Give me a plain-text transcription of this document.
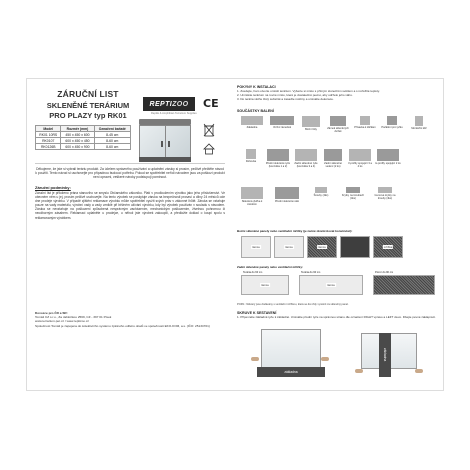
ZÁRUČNÍ LIST
SKLENĚNÉ TERÁRIUM
PRO PLAZY typ RK01
REPTI ZOO
Reptile & Amphibian Terrarium Supplies
CE
Model	Rozměr (mm)	Označení baňaté
RK01 10RS	450 x 450 x 600	8-45 cm
RK0107	600 x 450 x 450	8-60 cm
RK0126B	600 x 450 x 900	8-60 cm
Děkujeme, že jste si vybrali teráriu produkt. Za účelem správného používání a uplatnění záruky si prosím, pečlivě přečtěte návod k použití. Tento návod si uschovejte pro případnou budoucí potřebu. Pokud se spotřebitel neřídí návodem jsou za poškozí produkt není opravni, veškeré nároky podstupují pominout.
Záruční podmínky:
Záruční list je přiloženo prána stanovího se smyslu Občanského zákoníku. Platí v prodloužením výrobku jako jeho příslušenství. Ve obecném něm u jej, prosím pečlivě uschovejte. Na tento výrobek se poskytuje záruka na bezpečnosti prosaví a dílny 24 měsíců ode dne prodeje výrobku. V případě zjištění reklamace výrobku může spotřebitel využít svých práv v zákonné lhůtě. Záruka se vztahuje pouze na vady materiálu, výrobní vady a vady vzniklé při běžném užívání výrobku, kdy byl výrobek používán v souladu s návodem. Záruka se nevztahuje na poškození způsobená nesprávným zacházením, mechanickým poškozením, živelnou pohromou či neodborným zásahem. Reklamaci uplatněte u prodejce, u něhož jste výrobek zakoupili, a předložte doklad o koupi spolu s reklamovaným výrobkem.
Dovozce pro ČR a SR:
Tomáš CZ s.r.o., Za Jabloňkou 2569, CZ - 397 01 Písek
www.terrarium-pet.cz / www.reptizoo.cz
Společnost Tomáš je zapojena do kolektivního systému zpětného odběru obalů ve společnosti EKO-KOM, a.s. (IČO: 25134701)
POKYNY K INSTALACI
1. Zvedejte, ham otvorte umístit terárium. Vyberte si místo s přímým slunečním světlem a s rozložité teploty.
2. Umístěte terárium na rovné místo, které je dostatečně pevné, aby udrželo jeho váhu.
3. Do terária vložte čistý substrát a zasaďte rostliny a umístěte dekorace.
SOUČÁSTKY BALENÍ
Základna	Vrchní rámeček
Boční lišty	Zámek skleněných dvířek
Přísavka k kličkám	Počátkní pro tyčku	Montážní klíč
Rohovka
Přední skleněné tyče (konzolka 1 a 2)
Zadní skleněné tyče (konzolka 3 a 4)
Zadní skleněné vedení (2 ks)
V-profily spojující 3 a 4 ks
H-profily spojující 2 ks
Skleněná dvířka k zámkům
Přední skleněné sklo
Šrouby (4ks)	Krytky na šroubech (4ks)
Gumové krytky na šrouby (4ks)
Boční skleněné panely nebo ventilační mřížky (je nutné zkontrolovat konstrukci):
rámce	rámce	rámce	mřížka
Zadní skleněné panely nebo ventilační mřížky:
Terária do 60 cm
rámce
Terária do 90 cm
rámce
Pozor do 90 cm
POZN.: Některý jsou dodávány s ventilační mřížkou, která se dá vždy vyměnit za skleněný panel.
SKRUVE K SESTAVENÍ
1. Připevněte základně tyče k základně. Umístěte přední tyče na správnou stranu dle označení RIGHT vpravo a LEFT vlevo. Dbejte pevné zaklapnutí.
základna
základna
